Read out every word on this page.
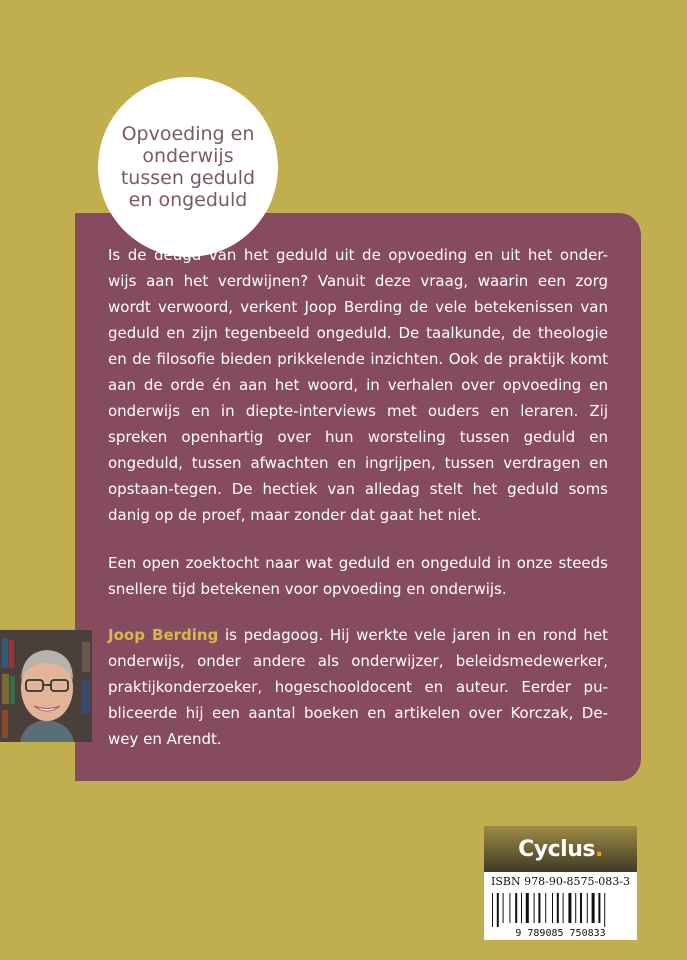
Opvoeding en
onderwijs
tussen geduld
en ongeduld

Is de deugd van het geduld uit de opvoeding en uit het onder- wijs aan het verdwijnen? Vanuit deze vraag, waarin een zorg wordt verwoord, verkent Joop Berding de vele betekenissen van geduld en zijn tegenbeeld ongeduld. De taalkunde, de theologie en de filosofie bieden prikkelende inzichten. Ook de praktijk komt aan de orde én aan het woord, in verhalen over opvoeding en onderwijs en in diepte-interviews met ouders en leraren. Zij spreken openhartig over hun worsteling tussen geduld en ongeduld, tussen afwachten en ingrijpen, tussen verdragen en opstaan-tegen. De hectiek van alledag stelt het geduld soms danig op de proef, maar zonder dat gaat het niet.

Een open zoektocht naar wat geduld en ongeduld in onze steeds snellere tijd betekenen voor opvoeding en onderwijs.

Joop Berding is pedagoog. Hij werkte vele jaren in en rond het onderwijs, onder andere als onderwijzer, beleidsmedewerker, praktijkonderzoeker, hogeschooldocent en auteur. Eerder pu- bliceerde hij een aantal boeken en artikelen over Korczak, De- wey en Arendt.

Cyclus .
ISBN 978-90-8575-083-3
9 789085 750833
